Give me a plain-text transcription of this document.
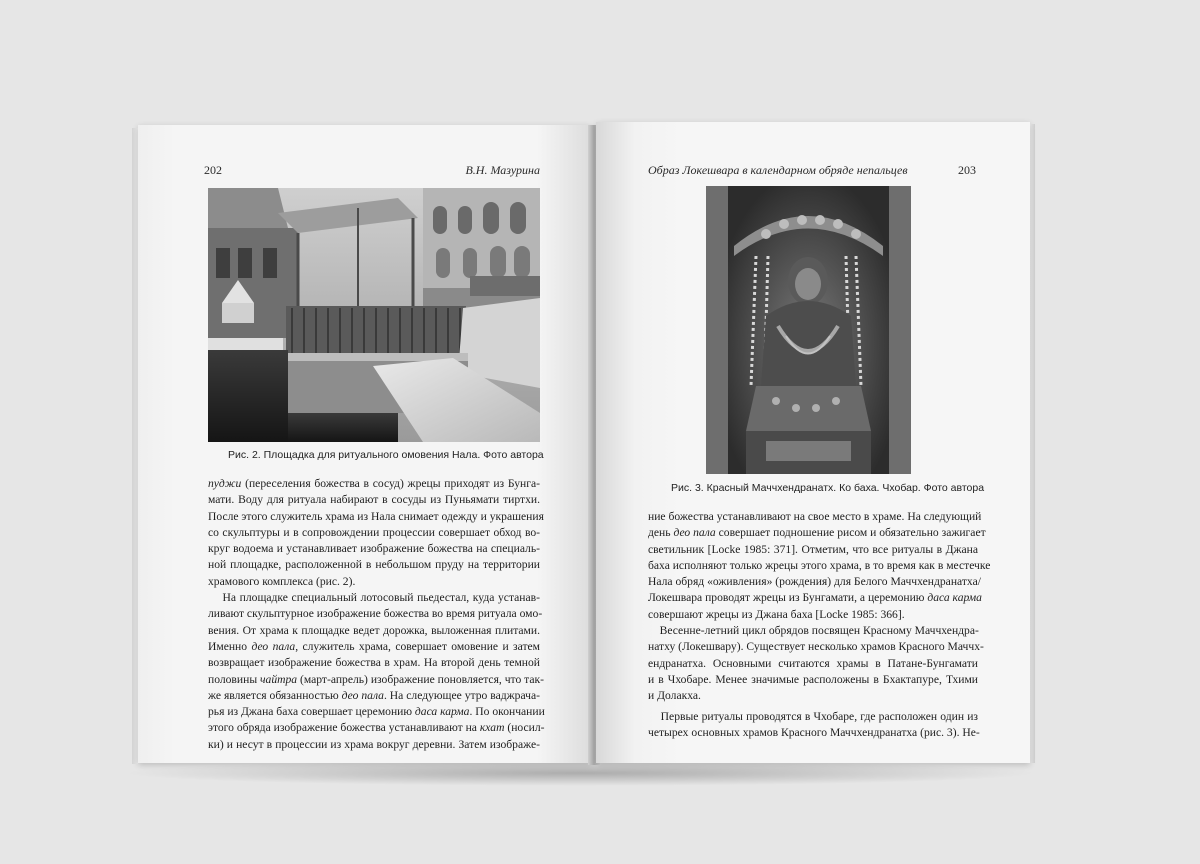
202	В.Н. Мазурина
Рис. 2. Площадка для ритуального омовения Нала. Фото автора

пуджи (переселения божества в сосуд) жрецы приходят из Бунга-
мати. Воду для ритуала набирают в сосуды из Пуньямати тиртхи.
После этого служитель храма из Нала снимает одежду и украшения
со скульптуры и в сопровождении процессии совершает обход во-
круг водоема и устанавливает изображение божества на специаль-
ной площадке, расположенной в небольшом пруду на территории
храмового комплекса (рис. 2).

На площадке специальный лотосовый пьедестал, куда устанав-
ливают скульптурное изображение божества во время ритуала омо-
вения. От храма к площадке ведет дорожка, выложенная плитами.
Именно део пала, служитель храма, совершает омовение и затем
возвращает изображение божества в храм. На второй день темной
половины чайтра (март-апрель) изображение поновляется, что так-
же является обязанностью део пала. На следующее утро ваджрача-
рья из Джана баха совершает церемонию даса карма. По окончании
этого обряда изображение божества устанавливают на кхат (носил-
ки) и несут в процессии из храма вокруг деревни. Затем изображе-

Образ Локешвара в календарном обряде непальцев	203
Рис. 3. Красный Маччхендранатх. Ко баха. Чхобар. Фото автора

ние божества устанавливают на свое место в храме. На следующий
день део пала совершает подношение рисом и обязательно зажигает
светильник [Locke 1985: 371]. Отметим, что все ритуалы в Джана
баха исполняют только жрецы этого храма, в то время как в местечке
Нала обряд «оживления» (рождения) для Белого Маччхендранатха/
Локешвара проводят жрецы из Бунгамати, а церемонию даса карма
совершают жрецы из Джана баха [Locke 1985: 366].

Весенне-летний цикл обрядов посвящен Красному Маччхендра-
натху (Локешвару). Существует несколько храмов Красного Маччх-
ендранатха. Основными считаются храмы в Патане-Бунгамати
и в Чхобаре. Менее значимые расположены в Бхактапуре, Тхими
и Долакха.

Первые ритуалы проводятся в Чхобаре, где расположен один из
четырех основных храмов Красного Маччхендранатха (рис. 3). Не-
